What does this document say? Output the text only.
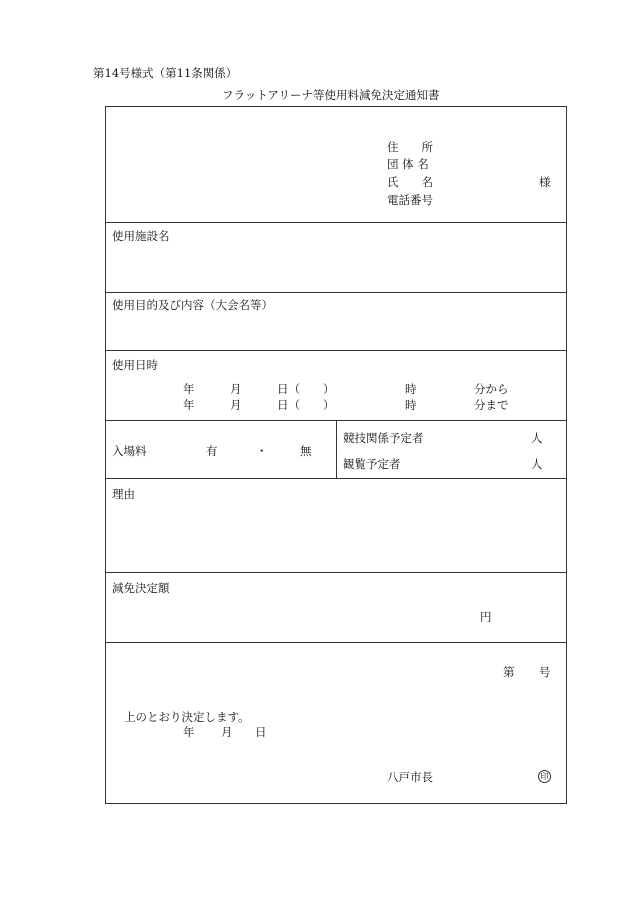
第14号様式（第11条関係）
フラットアリーナ等使用料減免決定通知書
住　　所
団 体 名
氏　　名	様
電話番号
使用施設名
使用目的及び内容（大会名等）
使用日時
年	月	日（　　）	時	分から
年	月	日（　　）	時	分まで
入場料	有	・	無
競技関係予定者	人
観覧予定者	人
理由
減免決定額
円
第 号
上のとおり決定します。
年 月 日
八戸市長	印
